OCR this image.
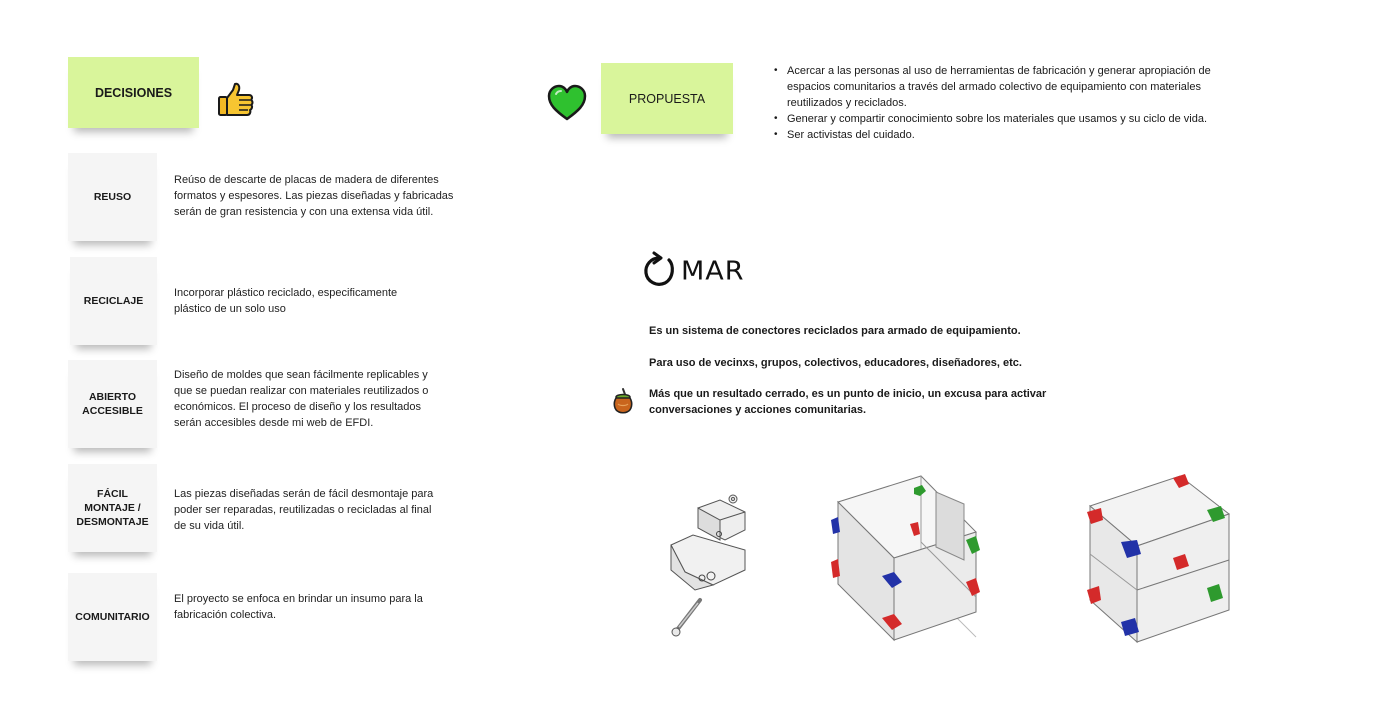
DECISIONES
REUSO
Reúso de descarte de placas de madera de diferentes formatos y espesores. Las piezas diseñadas y fabricadas serán de gran resistencia y con una extensa vida útil.
RECICLAJE
Incorporar plástico reciclado, especificamente plástico de un solo uso
ABIERTO ACCESIBLE
Diseño de moldes que sean fácilmente replicables y que se puedan realizar con materiales reutilizados o económicos. El proceso de diseño y los resultados serán accesibles desde mi web de EFDI.
FÁCIL MONTAJE / DESMONTAJE
Las piezas diseñadas serán de fácil desmontaje para poder ser reparadas, reutilizadas o recicladas al final de su vida útil.
COMUNITARIO
El proyecto se enfoca en brindar un insumo para la fabricación colectiva.
PROPUESTA
• Acercar a las personas al uso de herramientas de fabricación y generar apropiación de espacios comunitarios a través del armado colectivo de equipamiento con materiales reutilizados y reciclados.
• Generar y compartir conocimiento sobre los materiales que usamos y su ciclo de vida.
• Ser activistas del cuidado.
MAR
Es un sistema de conectores reciclados para armado de equipamiento.
Para uso de vecinxs, grupos, colectivos, educadores, diseñadores, etc.
Más que un resultado cerrado, es un punto de inicio, un excusa para activar conversaciones y acciones comunitarias.
